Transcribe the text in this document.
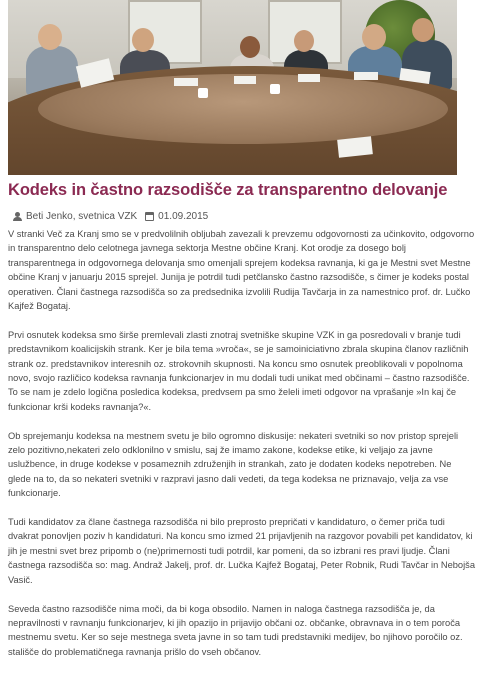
Kodeks in častno razsodišče za transparentno delovanje
Beti Jenko, svetnica VZK 01.09.2015

V stranki Več za Kranj smo se v predvolilnih obljubah zavezali k prevzemu odgovornosti za učinkovito, odgovorno in transparentno delo celotnega javnega sektorja Mestne občine Kranj. Kot orodje za dosego bolj transparentnega in odgovornega delovanja smo omenjali sprejem kodeksa ravnanja, ki ga je Mestni svet Mestne občine Kranj v januarju 2015 sprejel. Junija je potrdil tudi petčlansko častno razsodišče, s čimer je kodeks postal operativen. Člani častnega razsodišča so za predsednika izvolili Rudija Tavčarja in za namestnico prof. dr. Lučko Kajfež Bogataj.

Prvi osnutek kodeksa smo širše premlevali zlasti znotraj svetniške skupine VZK in ga posredovali v branje tudi predstavnikom koalicijskih strank. Ker je bila tema »vroča«, se je samoiniciativno zbrala skupina članov različnih strank oz. predstavnikov interesnih oz. strokovnih skupnosti. Na koncu smo osnutek preoblikovali v popolnoma novo, svojo različico kodeksa ravnanja funkcionarjev in mu dodali tudi unikat med občinami – častno razsodišče. To se nam je zdelo logična posledica kodeksa, predvsem pa smo želeli imeti odgovor na vprašanje »In kaj če funkcionar krši kodeks ravnanja?«.

Ob sprejemanju kodeksa na mestnem svetu je bilo ogromno diskusije: nekateri svetniki so nov pristop sprejeli zelo pozitivno,nekateri zelo odklonilno v smislu, saj že imamo zakone, kodekse etike, ki veljajo za javne uslužbence, in druge kodekse v posameznih združenjih in strankah, zato je dodaten kodeks nepotreben. Ne glede na to, da so nekateri svetniki v razpravi jasno dali vedeti, da tega kodeksa ne priznavajo, velja za vse funkcionarje.

Tudi kandidatov za člane častnega razsodišča ni bilo preprosto prepričati v kandidaturo, o čemer priča tudi dvakrat ponovljen poziv h kandidaturi. Na koncu smo izmed 21 prijavljenih na razgovor povabili pet kandidatov, ki jih je mestni svet brez pripomb o (ne)primernosti tudi potrdil, kar pomeni, da so izbrani res pravi ljudje. Člani častnega razsodišča so: mag. Andraž Jakelj, prof. dr. Lučka Kajfež Bogataj, Peter Robnik, Rudi Tavčar in Nebojša Vasič.

Seveda častno razsodišče nima moči, da bi koga obsodilo. Namen in naloga častnega razsodišča je, da nepravilnosti v ravnanju funkcionarjev, ki jih opazijo in prijavijo občani oz. občanke, obravnava in o tem poroča mestnemu svetu. Ker so seje mestnega sveta javne in so tam tudi predstavniki medijev, bo njihovo poročilo oz. stališče do problematičnega ravnanja prišlo do vseh občanov.
